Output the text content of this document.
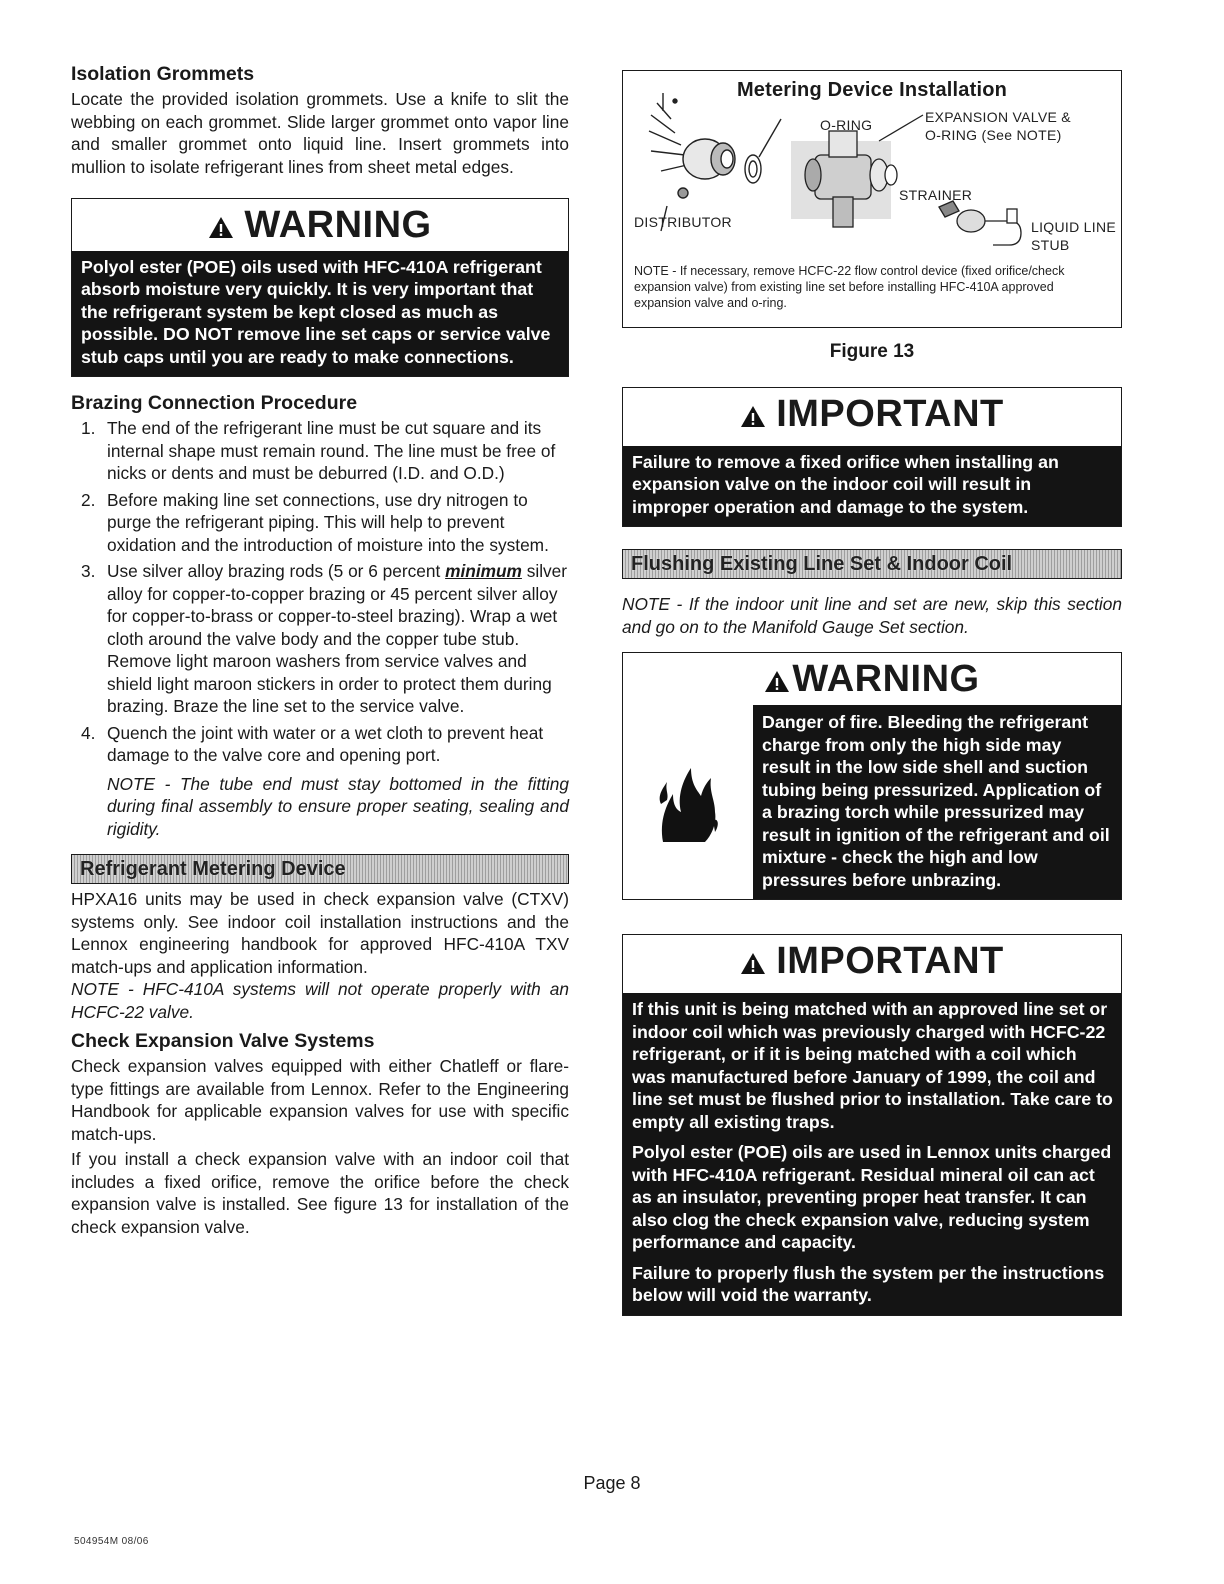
Isolation Grommets

Locate the provided isolation grommets. Use a knife to slit the webbing on each grommet. Slide larger grommet onto vapor line and smaller grommet onto liquid line. Insert grommets into mullion to isolate refrigerant lines from sheet metal edges.

WARNING
Polyol ester (POE) oils used with HFC-410A refrigerant absorb moisture very quickly. It is very important that the refrigerant system be kept closed as much as possible. DO NOT remove line set caps or service valve stub caps until you are ready to make connections.
Brazing Connection Procedure
1. The end of the refrigerant line must be cut square and its internal shape must remain round. The line must be free of nicks or dents and must be deburred (I.D. and O.D.)
2. Before making line set connections, use dry nitrogen to purge the refrigerant piping. This will help to prevent oxidation and the introduction of moisture into the system.
3. Use silver alloy brazing rods (5 or 6 percent minimum silver alloy for copper-to-copper brazing or 45 percent silver alloy for copper-to-brass or copper-to-steel brazing). Wrap a wet cloth around the valve body and the copper tube stub. Remove light maroon washers from service valves and shield light maroon stickers in order to protect them during brazing. Braze the line set to the service valve.
4. Quench the joint with water or a wet cloth to prevent heat damage to the valve core and opening port.

NOTE - The tube end must stay bottomed in the fitting during final assembly to ensure proper seating, sealing and rigidity.

Refrigerant Metering Device

HPXA16 units may be used in check expansion valve (CTXV) systems only. See indoor coil installation instructions and the Lennox engineering handbook for approved HFC-410A TXV match-ups and application information.

NOTE - HFC-410A systems will not operate properly with an HCFC-22 valve.

Check Expansion Valve Systems

Check expansion valves equipped with either Chatleff or flare-type fittings are available from Lennox. Refer to the Engineering Handbook for applicable expansion valves for use with specific match-ups.

If you install a check expansion valve with an indoor coil that includes a fixed orifice, remove the orifice before the check expansion valve is installed. See figure 13 for installation of the check expansion valve.

Metering Device Installation
O-RING	EXPANSION VALVE &
O-RING (See NOTE)
STRAINER
DISTRIBUTOR	LIQUID LINE
STUB
NOTE - If necessary, remove HCFC-22 flow control device (fixed orifice/check expansion valve) from existing line set before installing HFC-410A approved expansion valve and o-ring.
Figure 13
IMPORTANT
Failure to remove a fixed orifice when installing an expansion valve on the indoor coil will result in improper operation and damage to the system.
Flushing Existing Line Set & Indoor Coil

NOTE - If the indoor unit line and set are new, skip this section and go on to the Manifold Gauge Set section.

WARNING
Danger of fire. Bleeding the refrigerant charge from only the high side may result in the low side shell and suction tubing being pressurized. Application of a brazing torch while pressurized may result in ignition of the refrigerant and oil mixture - check the high and low pressures before unbrazing.
IMPORTANT

If this unit is being matched with an approved line set or indoor coil which was previously charged with HCFC-22 refrigerant, or if it is being matched with a coil which was manufactured before January of 1999, the coil and line set must be flushed prior to installation. Take care to empty all existing traps.

Polyol ester (POE) oils are used in Lennox units charged with HFC-410A refrigerant. Residual mineral oil can act as an insulator, preventing proper heat transfer. It can also clog the check expansion valve, reducing system performance and capacity.

Failure to properly flush the system per the instructions below will void the warranty.

Page 8
504954M 08/06
